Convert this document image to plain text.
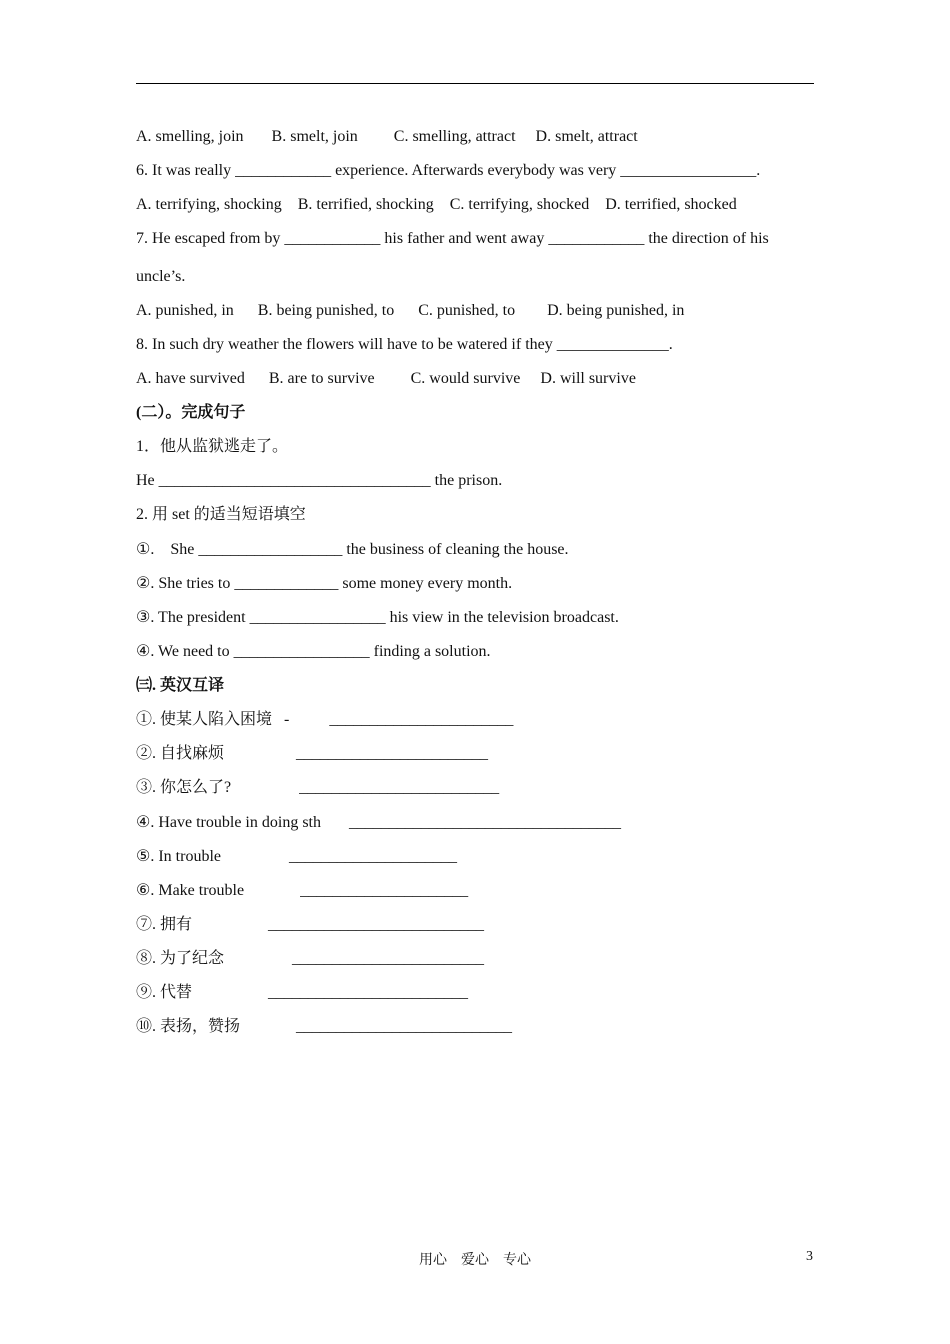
A. smelling, join       B. smelt, join         C. smelling, attract     D. smelt, attract
6. It was really ____________ experience. Afterwards everybody was very _________________.
A. terrifying, shocking    B. terrified, shocking    C. terrifying, shocked    D. terrified, shocked
7. He escaped from by ____________ his father and went away ____________ the direction of his
uncle’s.
A. punished, in      B. being punished, to      C. punished, to        D. being punished, in
8. In such dry weather the flowers will have to be watered if they ______________.
A. have survived      B. are to survive         C. would survive     D. will survive
(二）。完成句子
1．他从监狱逃走了。
He __________________________________ the prison.
2. 用 set 的适当短语填空
①.    She __________________ the business of cleaning the house.
②. She tries to _____________ some money every month.
③. The president _________________ his view in the television broadcast.
④. We need to _________________ finding a solution.
㈢. 英汉互译
①. 使某人陷入困境   -          _______________________
②. 自找麻烦                  ________________________
③. 你怎么了?                 _________________________
④. Have trouble in doing sth       __________________________________
⑤. In trouble                 _____________________
⑥. Make trouble              _____________________
⑦. 拥有                   ___________________________
⑧. 为了纪念                 ________________________
⑨. 代替                   _________________________
⑩. 表扬，赞扬              ___________________________
用心    爱心    专心	3
